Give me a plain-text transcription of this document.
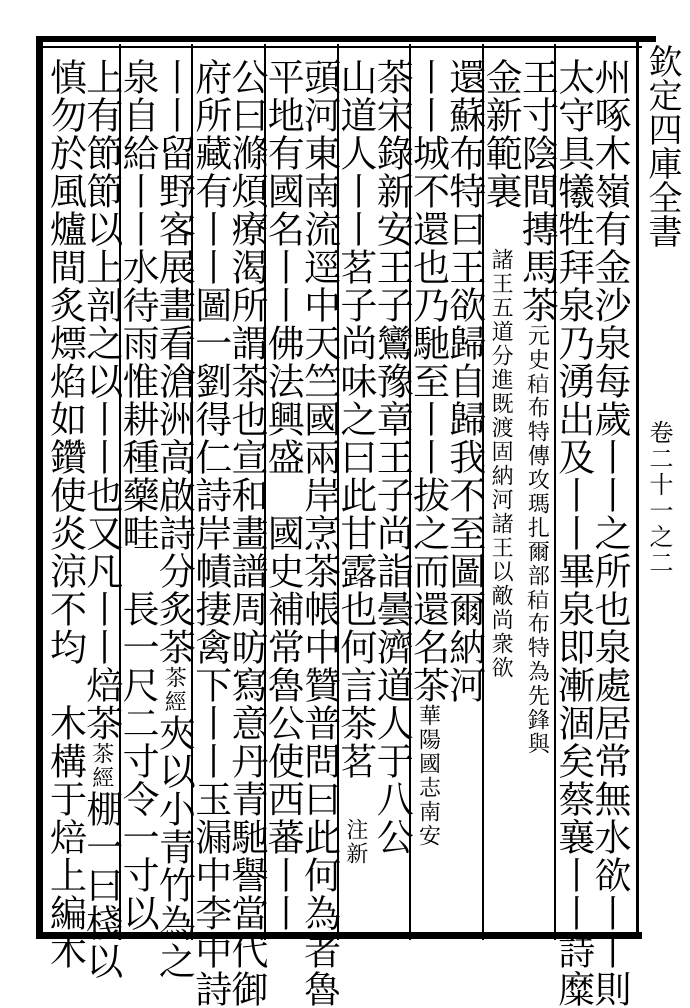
州啄木嶺有金沙泉每歲丨丨之所也泉處居常無水欲丨丨則
太守具犧牲拜泉乃湧出及丨丨畢泉即漸涸矣蔡襄丨丨詩糜
王寸陰間摶馬茶元史𥞞布特傳攻瑪扎爾部𥞞布特為先鋒與
金新範裏　諸王五道分進既渡固納河諸王以敵尚衆欲
還蘇布特曰王欲歸自歸我不至圖爾納河
丨丨城不還也乃馳至丨丨拔之而還名茶華陽國志南安
茶宋錄新安王子鸞豫章王子尚詣曇濟道人于八公
山道人丨丨茗子尚味之曰此甘露也何言茶茗　注新
頭河東南流逕中天竺國兩岸烹茶帳中贊普問曰此何為者魯
平地有國名丨丨佛法興盛　國史補常魯公使西蕃丨丨
公曰滌煩療渴所謂茶也宣和畫譜周昉寫意丹青馳譽當代御
府所藏有丨丨圖一劉得仁詩岸幘捿禽下丨丨玉漏中李中詩
丨丨留野客展畫看滄洲高啟詩分炙茶茶經夾以小青竹為之
泉自給丨丨水待雨惟耕種藥畦　長一尺二寸令一寸以
上有節節以上剖之以丨丨也又凡丨丨焙茶茶經棚一曰棧以
慎勿於風爐間炙熛焰如鑽使炎涼不均　木構于焙上編木
欽定四庫全書
卷二十一之二
